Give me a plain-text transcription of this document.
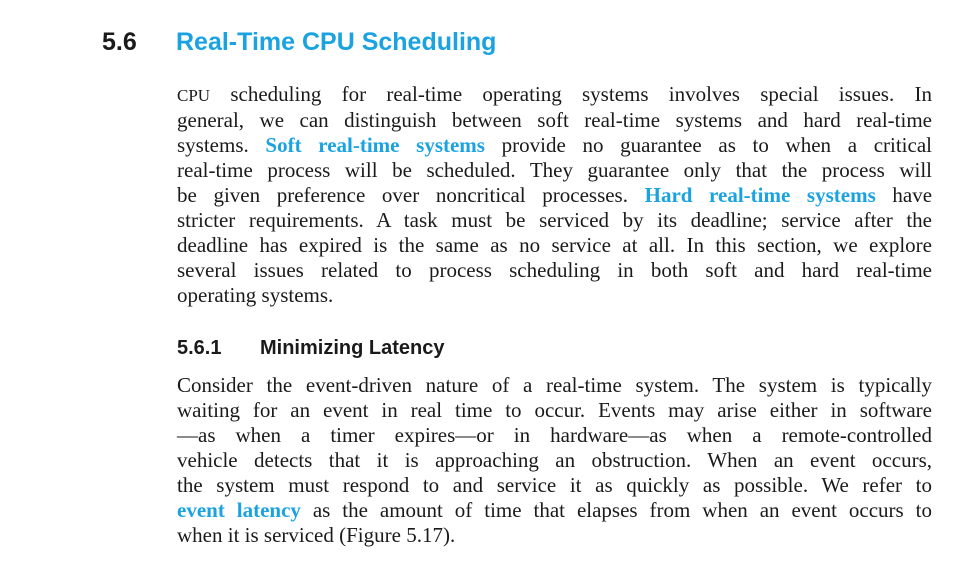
5.6 Real-Time CPU Scheduling
CPU scheduling for real-time operating systems involves special issues. In
general, we can distinguish between soft real-time systems and hard real-time
systems. Soft real-time systems provide no guarantee as to when a critical
real-time process will be scheduled. They guarantee only that the process will
be given preference over noncritical processes. Hard real-time systems have
stricter requirements. A task must be serviced by its deadline; service after the
deadline has expired is the same as no service at all. In this section, we explore
several issues related to process scheduling in both soft and hard real-time
operating systems.
5.6.1 Minimizing Latency
Consider the event-driven nature of a real-time system. The system is typically
waiting for an event in real time to occur. Events may arise either in software
—as when a timer expires—or in hardware—as when a remote-controlled
vehicle detects that it is approaching an obstruction. When an event occurs,
the system must respond to and service it as quickly as possible. We refer to
event latency as the amount of time that elapses from when an event occurs to
when it is serviced (Figure 5.17).
